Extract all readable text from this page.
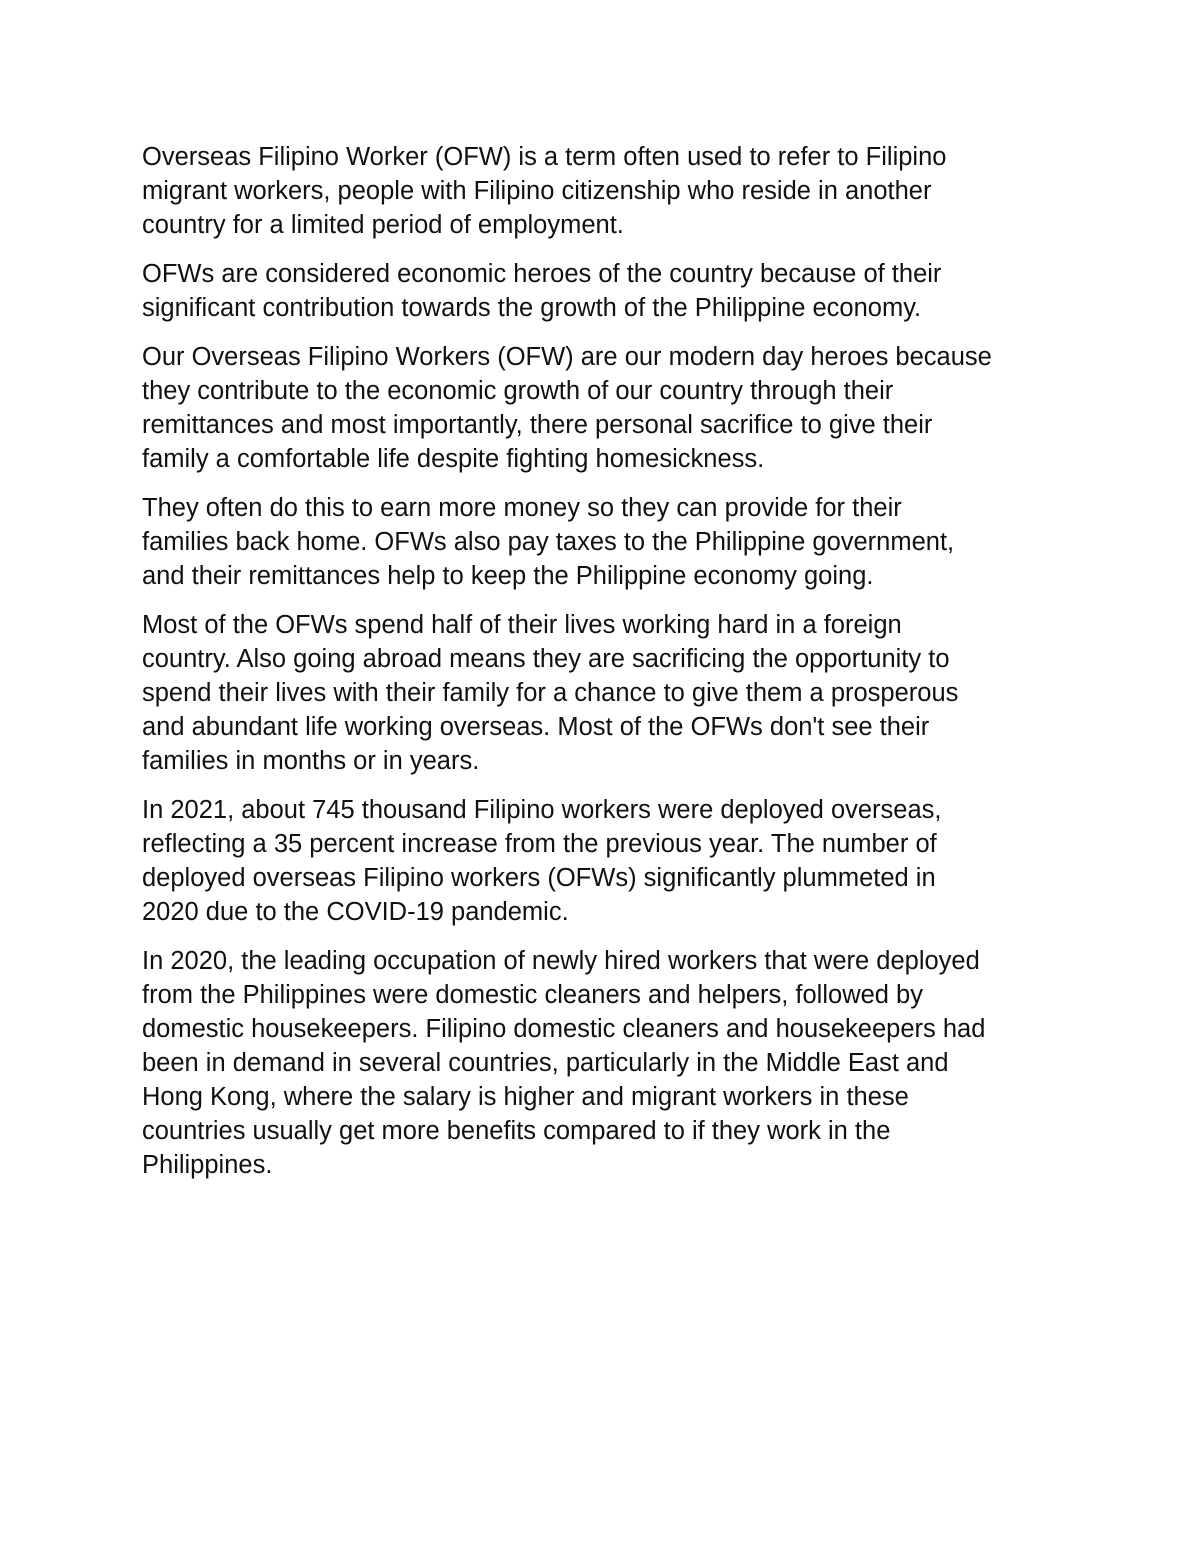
Overseas Filipino Worker (OFW) is a term often used to refer to Filipino
migrant workers, people with Filipino citizenship who reside in another
country for a limited period of employment.

OFWs are considered economic heroes of the country because of their
significant contribution towards the growth of the Philippine economy.

Our Overseas Filipino Workers (OFW) are our modern day heroes because
they contribute to the economic growth of our country through their
remittances and most importantly, there personal sacrifice to give their
family a comfortable life despite fighting homesickness.

They often do this to earn more money so they can provide for their
families back home. OFWs also pay taxes to the Philippine government,
and their remittances help to keep the Philippine economy going.

Most of the OFWs spend half of their lives working hard in a foreign
country. Also going abroad means they are sacrificing the opportunity to
spend their lives with their family for a chance to give them a prosperous
and abundant life working overseas. Most of the OFWs don't see their
families in months or in years.

In 2021, about 745 thousand Filipino workers were deployed overseas,
reflecting a 35 percent increase from the previous year. The number of
deployed overseas Filipino workers (OFWs) significantly plummeted in
2020 due to the COVID-19 pandemic.

In 2020, the leading occupation of newly hired workers that were deployed
from the Philippines were domestic cleaners and helpers, followed by
domestic housekeepers. Filipino domestic cleaners and housekeepers had
been in demand in several countries, particularly in the Middle East and
Hong Kong, where the salary is higher and migrant workers in these
countries usually get more benefits compared to if they work in the
Philippines.
